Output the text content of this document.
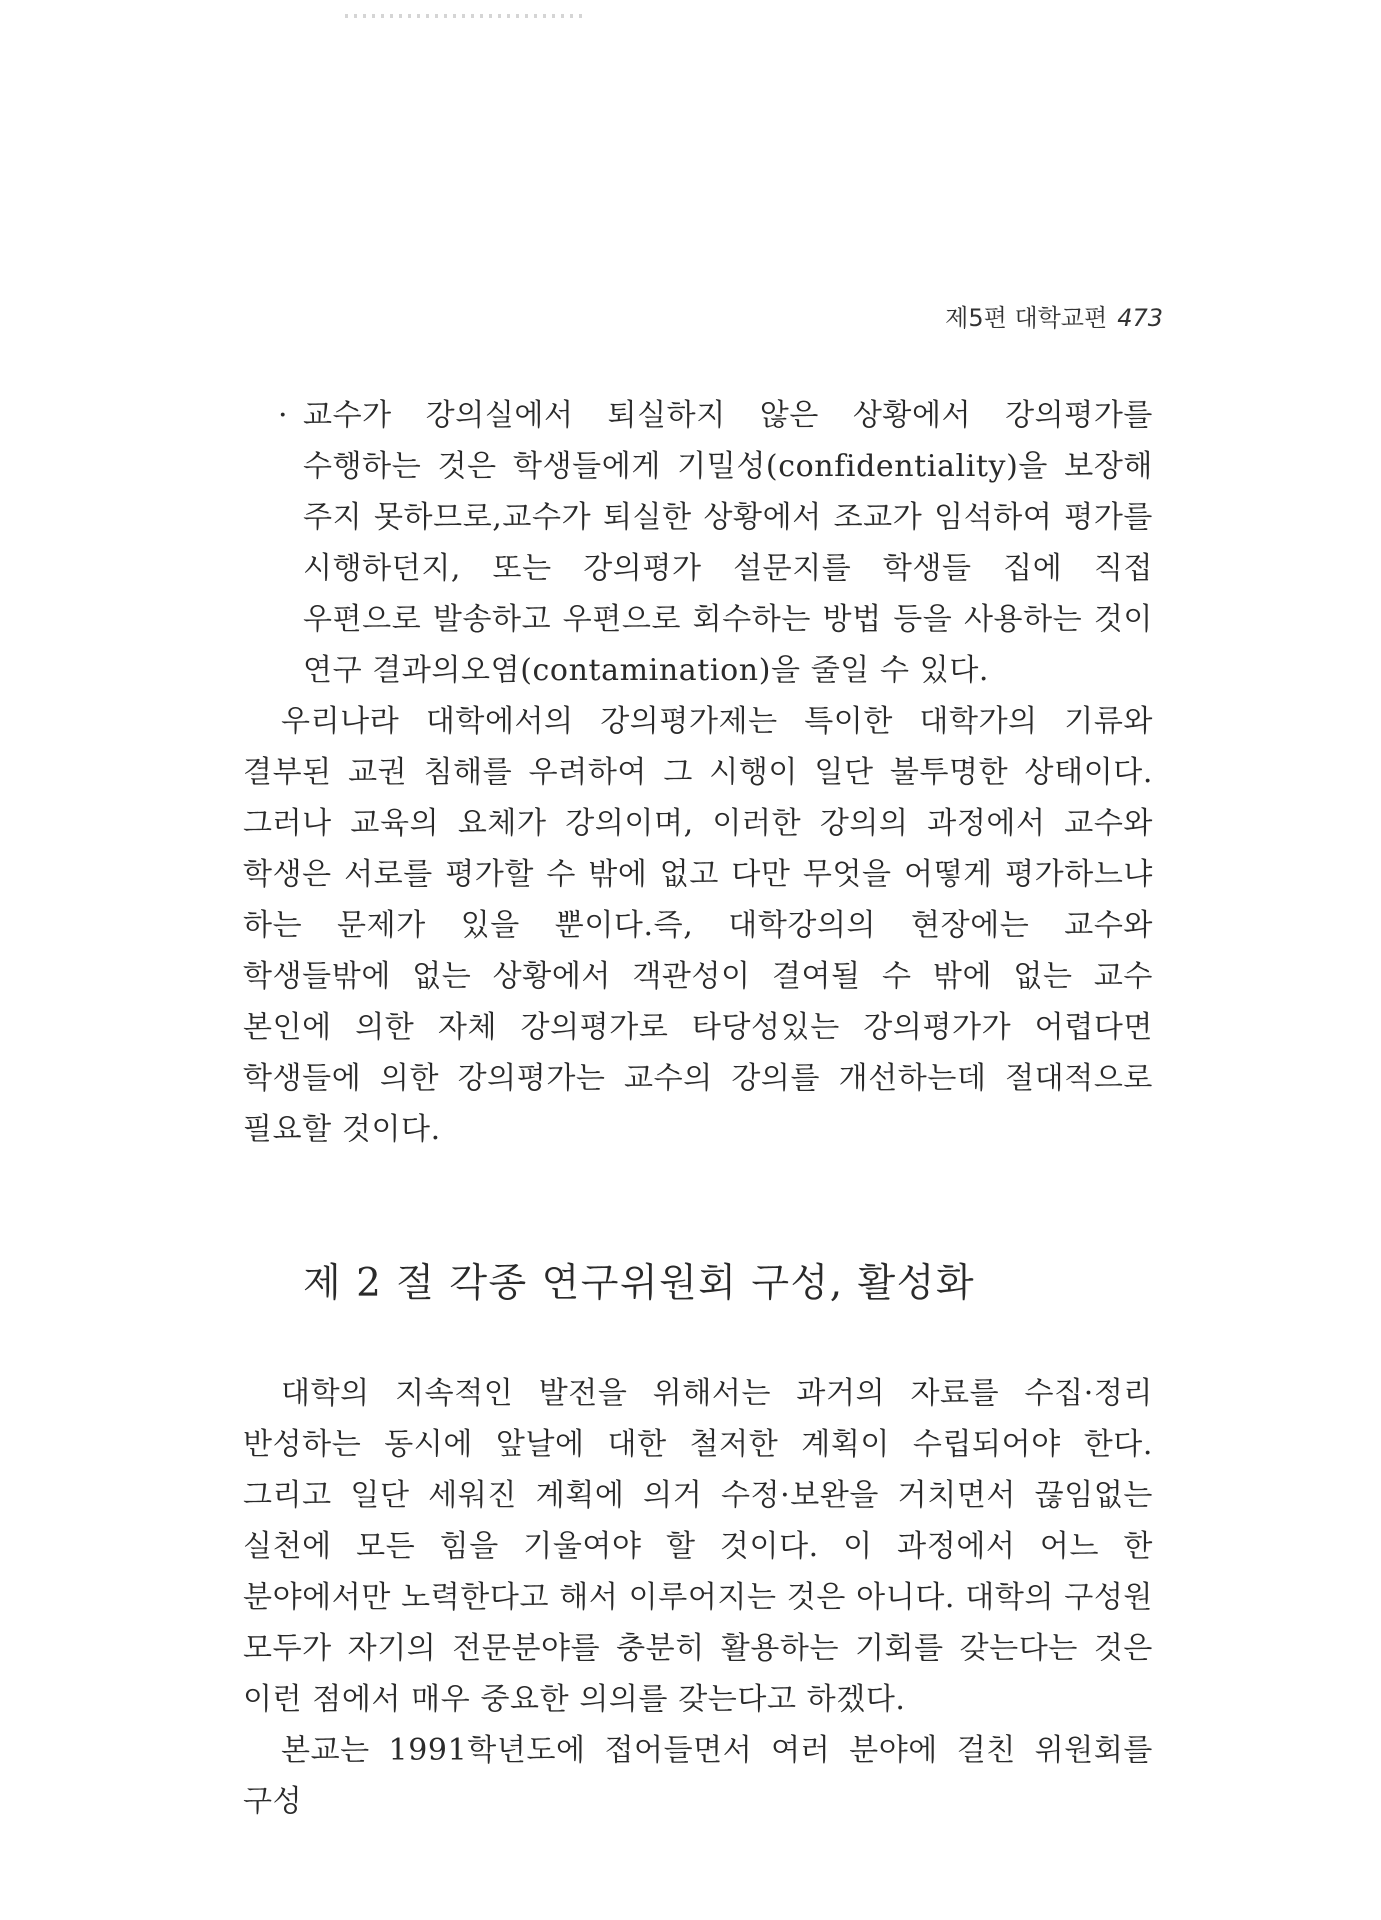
제5편 대학교편 473

· 교수가 강의실에서 퇴실하지 않은 상황에서 강의평가를 수행하는 것은 학생들에게 기밀성(confidentiality)을 보장해 주지 못하므로,교수가 퇴실한 상황에서 조교가 임석하여 평가를 시행하던지, 또는 강의평가 설문지를 학생들 집에 직접 우편으로 발송하고 우편으로 회수하는 방법 등을 사용하는 것이 연구 결과의오염(contamination)을 줄일 수 있다.

우리나라 대학에서의 강의평가제는 특이한 대학가의 기류와 결부된 교권 침해를 우려하여 그 시행이 일단 불투명한 상태이다. 그러나 교육의 요체가 강의이며, 이러한 강의의 과정에서 교수와 학생은 서로를 평가할 수 밖에 없고 다만 무엇을 어떻게 평가하느냐 하는 문제가 있을 뿐이다.즉, 대학강의의 현장에는 교수와 학생들밖에 없는 상황에서 객관성이 결여될 수 밖에 없는 교수 본인에 의한 자체 강의평가로 타당성있는 강의평가가 어렵다면 학생들에 의한 강의평가는 교수의 강의를 개선하는데 절대적으로 필요할 것이다.

제 2 절 각종 연구위원회 구성, 활성화

대학의 지속적인 발전을 위해서는 과거의 자료를 수집·정리 반성하는 동시에 앞날에 대한 철저한 계획이 수립되어야 한다. 그리고 일단 세워진 계획에 의거 수정·보완을 거치면서 끊임없는 실천에 모든 힘을 기울여야 할 것이다. 이 과정에서 어느 한 분야에서만 노력한다고 해서 이루어지는 것은 아니다. 대학의 구성원 모두가 자기의 전문분야를 충분히 활용하는 기회를 갖는다는 것은 이런 점에서 매우 중요한 의의를 갖는다고 하겠다.

본교는 1991학년도에 접어들면서 여러 분야에 걸친 위원회를 구성
